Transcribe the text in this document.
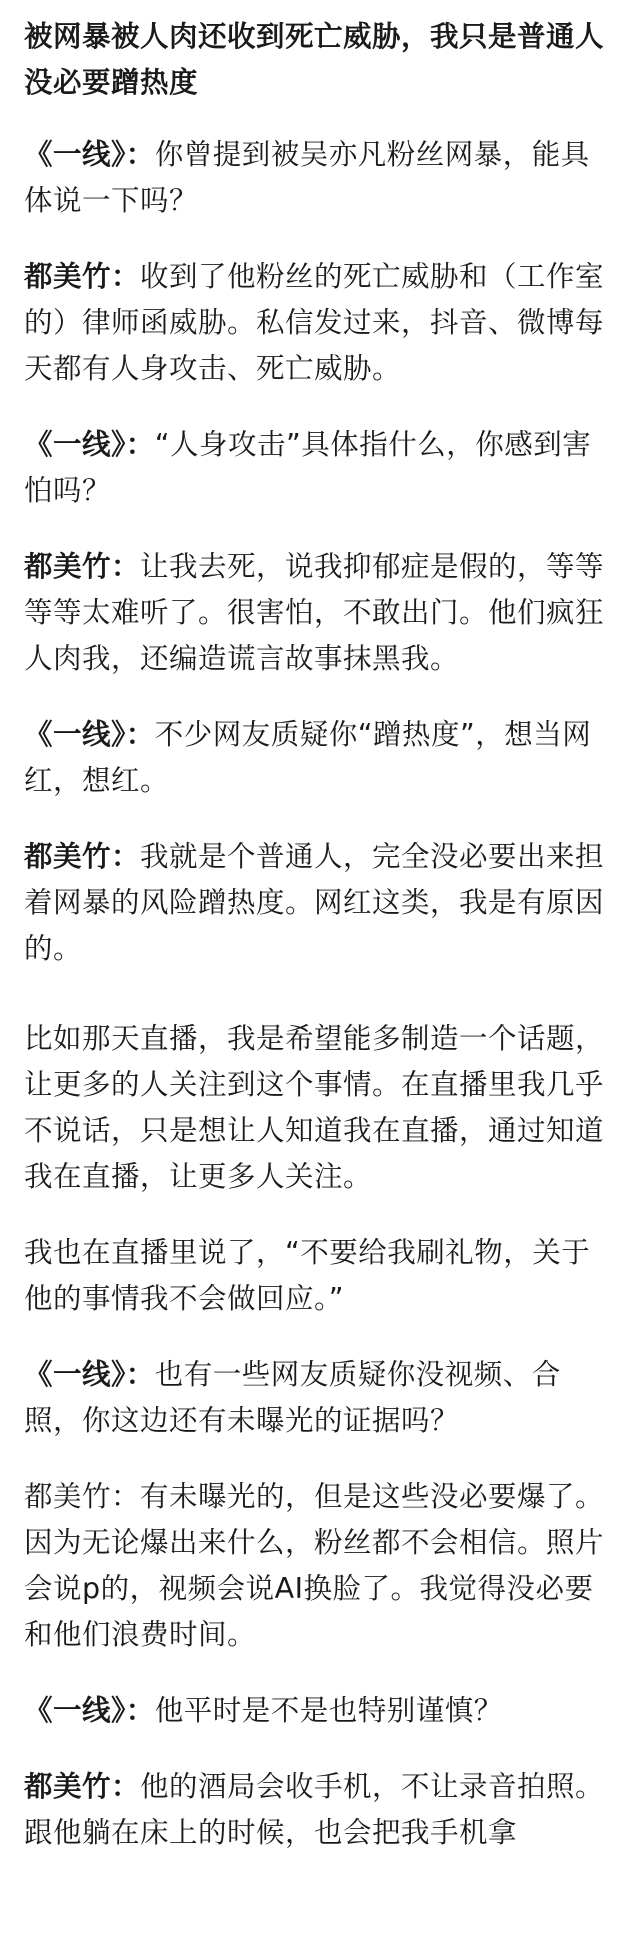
被网暴被人肉还收到死亡威胁，我只是普通人没必要蹭热度

《一线》：你曾提到被吴亦凡粉丝网暴，能具体说一下吗？

都美竹：收到了他粉丝的死亡威胁和（工作室的）律师函威胁。私信发过来，抖音、微博每天都有人身攻击、死亡威胁。

《一线》：“人身攻击”具体指什么，你感到害怕吗？

都美竹：让我去死，说我抑郁症是假的，等等等等太难听了。很害怕，不敢出门。他们疯狂人肉我，还编造谎言故事抹黑我。

《一线》：不少网友质疑你“蹭热度”，想当网红，想红。

都美竹：我就是个普通人，完全没必要出来担着网暴的风险蹭热度。网红这类，我是有原因的。

比如那天直播，我是希望能多制造一个话题，让更多的人关注到这个事情。在直播里我几乎不说话，只是想让人知道我在直播，通过知道我在直播，让更多人关注。

我也在直播里说了，“不要给我刷礼物，关于他的事情我不会做回应。”

《一线》：也有一些网友质疑你没视频、合照，你这边还有未曝光的证据吗？

都美竹：有未曝光的，但是这些没必要爆了。因为无论爆出来什么，粉丝都不会相信。照片会说p的，视频会说AI换脸了。我觉得没必要和他们浪费时间。

《一线》：他平时是不是也特别谨慎？

都美竹：他的酒局会收手机，不让录音拍照。跟他躺在床上的时候，也会把我手机拿
